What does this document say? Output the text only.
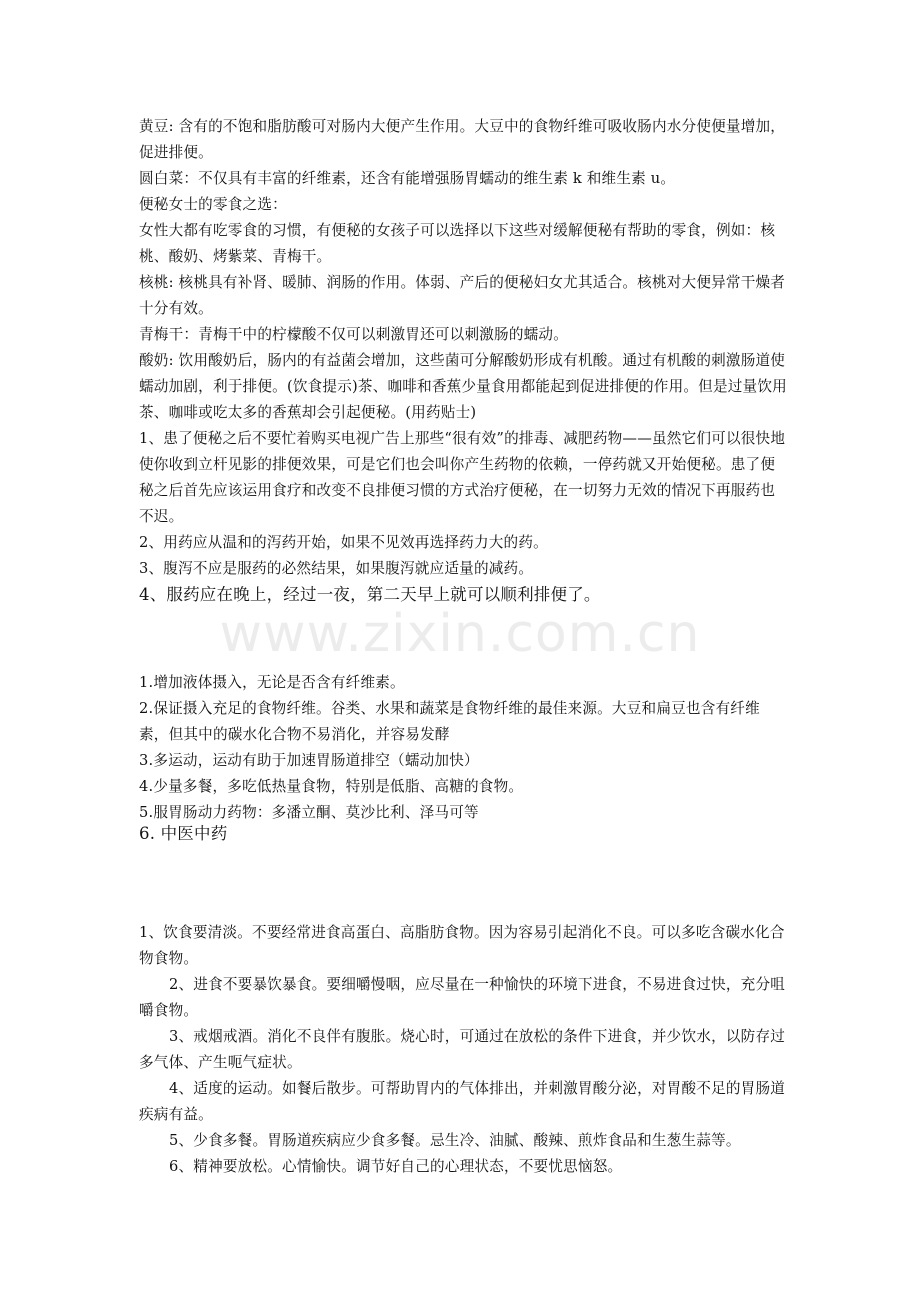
黄豆: 含有的不饱和脂肪酸可对肠内大便产生作用。大豆中的食物纤维可吸收肠内水分使便量增加，促进排便。
圆白菜：不仅具有丰富的纤维素，还含有能增强肠胃蠕动的维生素 k 和维生素 u。
便秘女士的零食之选：
女性大都有吃零食的习惯，有便秘的女孩子可以选择以下这些对缓解便秘有帮助的零食，例如：核桃、酸奶、烤紫菜、青梅干。
核桃: 核桃具有补肾、暖肺、润肠的作用。体弱、产后的便秘妇女尤其适合。核桃对大便异常干燥者十分有效。
青梅干：青梅干中的柠檬酸不仅可以刺激胃还可以刺激肠的蠕动。
酸奶: 饮用酸奶后，肠内的有益菌会增加，这些菌可分解酸奶形成有机酸。通过有机酸的刺激肠道使蠕动加剧，利于排便。(饮食提示)茶、咖啡和香蕉少量食用都能起到促进排便的作用。但是过量饮用茶、咖啡或吃太多的香蕉却会引起便秘。(用药贴士)
1、患了便秘之后不要忙着购买电视广告上那些“很有效”的排毒、减肥药物——虽然它们可以很快地使你收到立杆见影的排便效果，可是它们也会叫你产生药物的依赖，一停药就又开始便秘。患了便秘之后首先应该运用食疗和改变不良排便习惯的方式治疗便秘，在一切努力无效的情况下再服药也不迟。
2、用药应从温和的泻药开始，如果不见效再选择药力大的药。
3、腹泻不应是服药的必然结果，如果腹泻就应适量的减药。
4、服药应在晚上，经过一夜，第二天早上就可以顺利排便了。
www.zixin.com.cn
1.增加液体摄入，无论是否含有纤维素。
2.保证摄入充足的食物纤维。谷类、水果和蔬菜是食物纤维的最佳来源。大豆和扁豆也含有纤维素，但其中的碳水化合物不易消化，并容易发酵
3.多运动，运动有助于加速胃肠道排空（蠕动加快）
4.少量多餐，多吃低热量食物，特别是低脂、高糖的食物。
5.服胃肠动力药物：多潘立酮、莫沙比利、泽马可等
6. 中医中药
1、饮食要清淡。不要经常进食高蛋白、高脂肪食物。因为容易引起消化不良。可以多吃含碳水化合物食物。
2、进食不要暴饮暴食。要细嚼慢咽，应尽量在一种愉快的环境下进食，不易进食过快，充分咀嚼食物。
3、戒烟戒酒。消化不良伴有腹胀。烧心时，可通过在放松的条件下进食，并少饮水，以防存过多气体、产生呃气症状。
4、适度的运动。如餐后散步。可帮助胃内的气体排出，并刺激胃酸分泌，对胃酸不足的胃肠道疾病有益。
5、少食多餐。胃肠道疾病应少食多餐。忌生冷、油腻、酸辣、煎炸食品和生葱生蒜等。
6、精神要放松。心情愉快。调节好自己的心理状态，不要忧思恼怒。
